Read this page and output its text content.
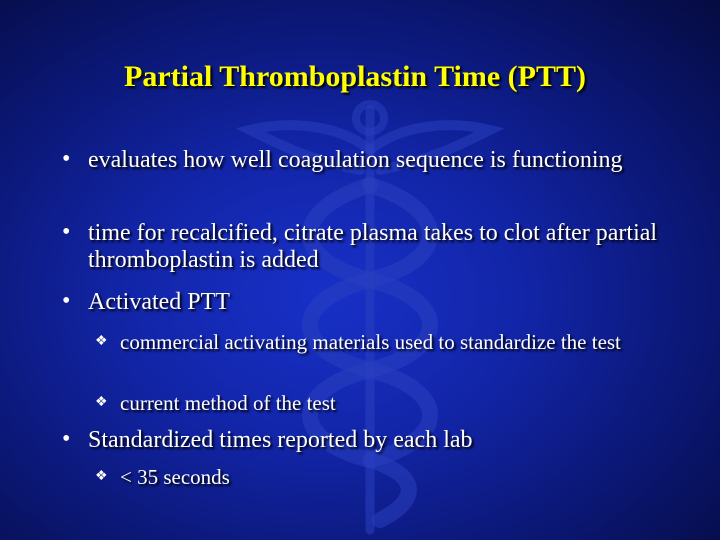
Partial Thromboplastin Time (PTT)
• evaluates how well coagulation sequence is functioning
• time for recalcified, citrate plasma takes to clot after partial thromboplastin is added
• Activated PTT
❖ commercial activating materials used to standardize the test
❖ current method of the test
• Standardized times reported by each lab
❖ < 35 seconds
